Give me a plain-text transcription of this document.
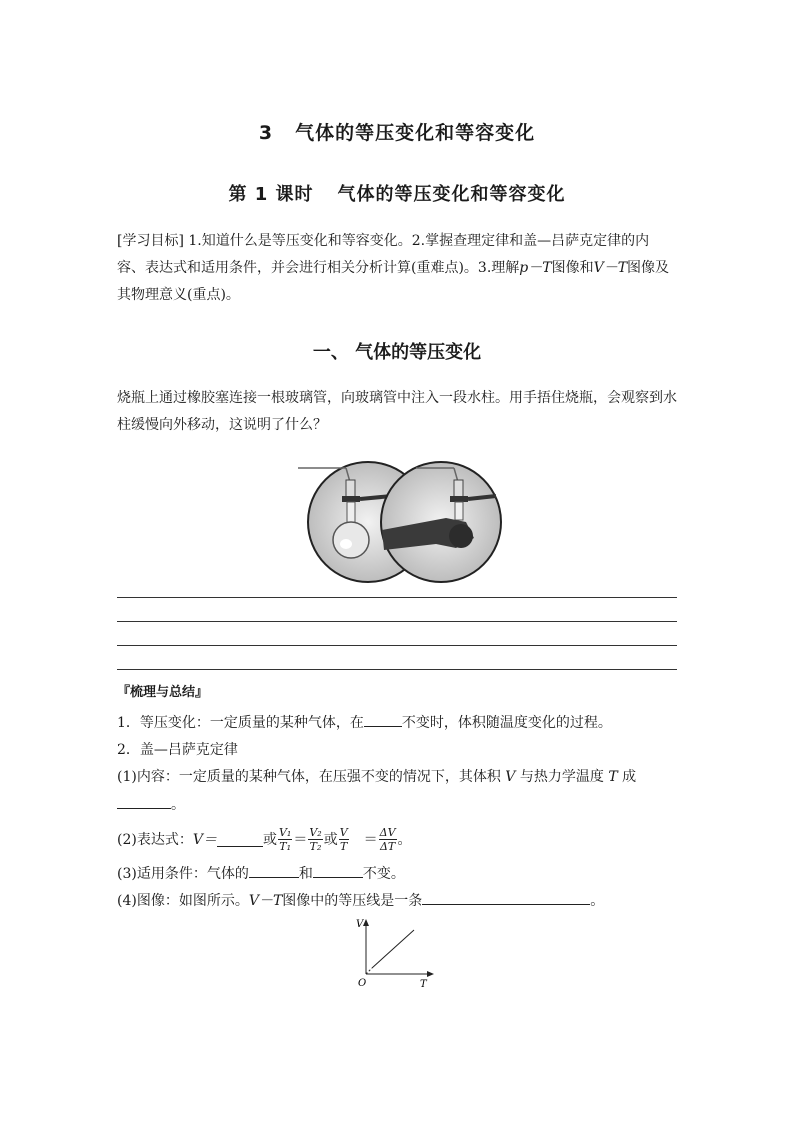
3 气体的等压变化和等容变化
第 1 课时 气体的等压变化和等容变化
[学习目标] 1.知道什么是等压变化和等容变化。2.掌握查理定律和盖—吕萨克定律的内容、表达式和适用条件，并会进行相关分析计算(重难点)。3.理解p－T图像和V－T图像及其物理意义(重点)。
一、 气体的等压变化
烧瓶上通过橡胶塞连接一根玻璃管，向玻璃管中注入一段水柱。用手捂住烧瓶，会观察到水柱缓慢向外移动，这说明了什么？
『梳理与总结』
1．等压变化：一定质量的某种气体，在	不变时，体积随温度变化的过程。
2．盖—吕萨克定律
(1)内容：一定质量的某种气体，在压强不变的情况下，其体积 V 与热力学温度 T 成
。
(2)表达式： V＝	或 $\frac{\text{V₁}}{\text{T₁}} = \frac{\text{V₂}}{\text{T₂}}$ 或 $\frac{V}{T} = \frac{\Delta V}{\Delta T}$ 。
(3)适用条件：气体的	和	不变。
(4)图像：如图所示。V－T图像中的等压线是一条	。
V
T
O
